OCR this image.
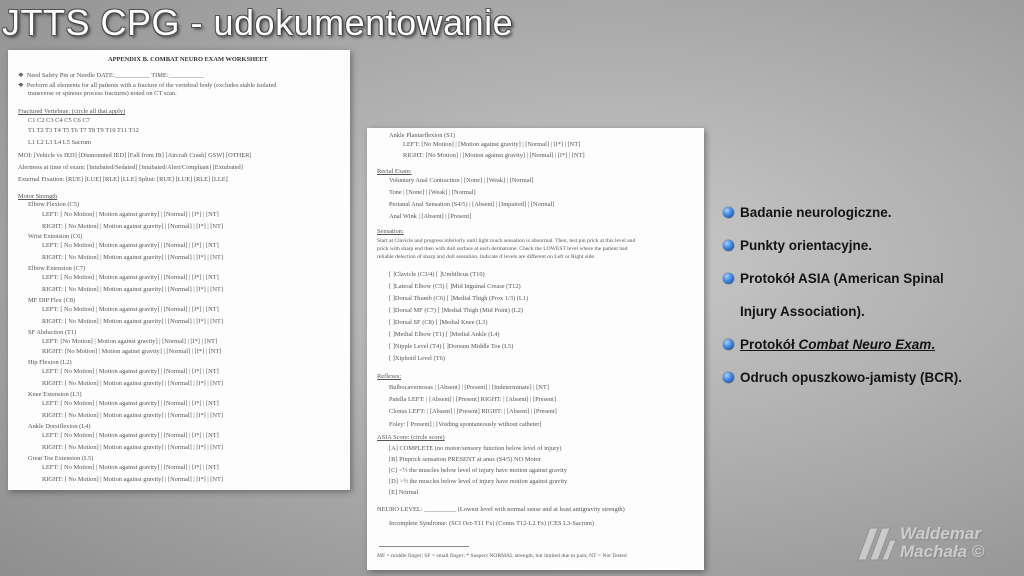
JTTS CPG - udokumentowanie
APPENDIX B. COMBAT NEURO EXAM WORKSHEET
❖ Need Safety Pin or Needle DATE:___________ TIME:___________
❖ Perform all elements for all patients with a fracture of the vertebral body (excludes stable isolated
transverse or spinous process fractures) noted on CT scan.
Fractured Vertebrae: (circle all that apply)
C1 C2 C3 C4 C5 C6 C7
T1 T2 T3 T4 T5 T6 T7 T8 T9 T10 T11 T12
L1 L2 L3 L4 L5 Sacrum
MOI: [Vehicle vs IED] [Dismounted IED] [Fall from Ht] [Aircraft Crash] GSW] [OTHER]
Alertness at time of exam: [Intubated/Sedated] [Intubated/Alert/Compliant] [Extubated]
External Fixation: [RUE] [LUE] [RLE] [LLE] Splint: [RUE] [LUE] [RLE] [LLE]
Motor Strength
Elbow Flexion (C5)
LEFT: [ No Motion] | Motion against gravity] | [Normal] | [I*] | [NT]
RIGHT: [ No Motion] | Motion against gravity] | [Normal] | [I*] | [NT]
Wrist Extension (C6)
LEFT: [ No Motion] | Motion against gravity] | [Normal] | [I*] | [NT]
RIGHT: [ No Motion] | Motion against gravity] | [Normal] | [I*] | [NT]
Elbow Extension (C7)
LEFT: [ No Motion] | Motion against gravity] | [Normal] | [I*] | [NT]
RIGHT: [ No Motion] | Motion against gravity] | [Normal] | [I*] | [NT]
MF DIP Flex (C8)
LEFT: [ No Motion] | Motion against gravity] | [Normal] | [I*] | [NT]
RIGHT: [ No Motion] | Motion against gravity] | [Normal] | [I*] | [NT]
SF Abduction (T1)
LEFT: [No Motion] | Motion against gravity] | [Normal] | [I*] | [NT]
RIGHT: [No Motion] | Motion against gravity] | [Normal] | [I*] | [NT]
Hip Flexion (L2)
LEFT: [ No Motion] | Motion against gravity] | [Normal] | [I*] | [NT]
RIGHT: [ No Motion] | Motion against gravity] | [Normal] | [I*] | [NT]
Knee Extension (L3)
LEFT: [ No Motion] | Motion against gravity] | [Normal] | [I*] | [NT]
RIGHT: [ No Motion] | Motion against gravity] | [Normal] | [I*] | [NT]
Ankle Dorsiflexion (L4)
LEFT: [ No Motion] | Motion against gravity] | [Normal] | [I*] | [NT]
RIGHT: [ No Motion] | Motion against gravity] | [Normal] | [I*] | [NT]
Great Toe Extension (L5)
LEFT: [ No Motion] | Motion against gravity] | [Normal] | [I*] | [NT]
RIGHT: [ No Motion] | Motion against gravity] | [Normal] | [I*] | [NT]
Ankle Plantarflexion (S1)
LEFT: [No Motion] | [Motion against gravity] | [Normal] | [I*] | [NT]
RIGHT: [No Motion] | [Motion against gravity] | [Normal] | [I*] | [NT]
Rectal Exam:
Voluntary Anal Contraction | [None] | [Weak] | [Normal]
Tone | [None] | [Weak] | [Normal]
Perianal Anal Sensation (S4/5) | [Absent] | [Impaired] | [Normal]
Anal Wink | [Absent] | [Present]
Sensation:
Start at Clavicle and progress inferiorly until light touch sensation is abnormal. Then, test pin prick at this level and
prick with sharp end then with dull surface at each dermatome. Check the LOWEST level where the patient had
reliable detection of sharp and dull sensation. Indicate if levels are different on Left or Right side.
[ ]Clavicle (C3/4) [ ]Umbilicus (T10)
[ ]Lateral Elbow (C5) [ ]Mid Inguinal Crease (T12)
[ ]Dorsal Thumb (C6) [ ]Medial Thigh (Prox 1/3) (L1)
[ ]Dorsal MF (C7) [ ]Medial Thigh (Mid Point) (L2)
[ ]Dorsal SF (C8) [ ]Medial Knee (L3)
[ ]Medial Elbow (T1) [ ]Medial Ankle (L4)
[ ]Nipple Level (T4) [ ]Dorsum Middle Toe (L5)
[ ]Xiphoid Level (T6)
Reflexes:
Bulbocavernosus | [Absent] | [Present] | [Indeterminate] | [NT]
Patella LEFT: | [Absent] | [Present] RIGHT: | [Absent] | [Present]
Clonus LEFT: | [Absent] | [Present] RIGHT: | [Absent] | [Present]
Foley: [ Present] | [Voiding spontaneously without catheter]
ASIA Score: (circle score)
[A] COMPLETE (no motor/sensory function below level of injury)
[B] Pinprick sensation PRESENT at anus (S4/5) NO Motor
[C] <½ the muscles below level of injury have motion against gravity
[D] >½ the muscles below level of injury have motion against gravity
[E] Normal
NEURO LEVEL: __________ (Lowest level with normal sense and at least antigravity strength)
Incomplete Syndrome: (SCI Oct-T11 Fx) (Conus T12-L2 Fx) (CES L3-Sacrum)
MF = middle finger; SF = small finger; * Suspect NORMAL strength, but limited due to pain; NT = Not Tested
Badanie neurologiczne.
Punkty orientacyjne.
Protokół ASIA (American Spinal
Injury Association).
Protokół Combat Neuro Exam.
Odruch opuszkowo-jamisty (BCR).
Waldemar
Machała ©
